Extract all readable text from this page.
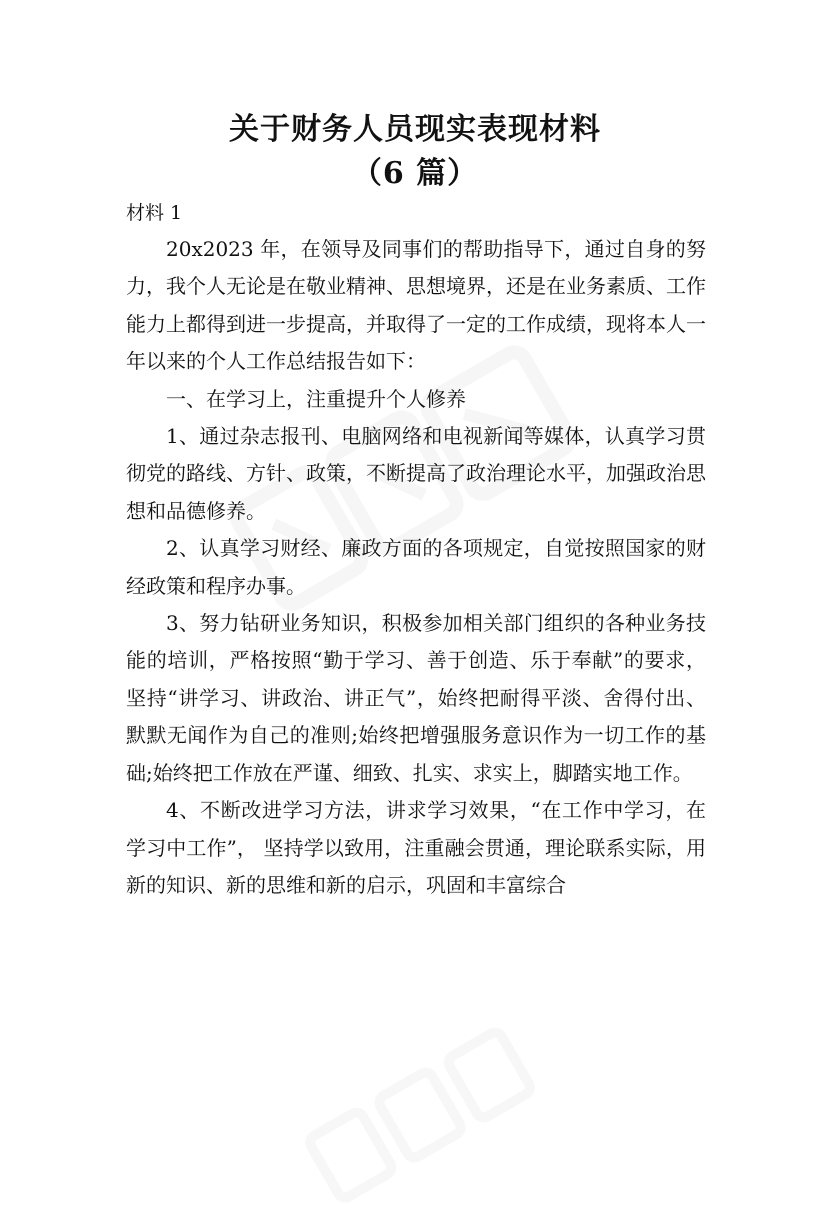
关于财务人员现实表现材料
（6 篇）

材料 1

20x2023 年，在领导及同事们的帮助指导下，通过自身的努力，我个人无论是在敬业精神、思想境界，还是在业务素质、工作能力上都得到进一步提高，并取得了一定的工作成绩，现将本人一年以来的个人工作总结报告如下：

一、在学习上，注重提升个人修养

1、通过杂志报刊、电脑网络和电视新闻等媒体，认真学习贯彻党的路线、方针、政策，不断提高了政治理论水平，加强政治思想和品德修养。

2、认真学习财经、廉政方面的各项规定，自觉按照国家的财经政策和程序办事。

3、努力钻研业务知识，积极参加相关部门组织的各种业务技能的培训，严格按照“勤于学习、善于创造、乐于奉献”的要求，坚持“讲学习、讲政治、讲正气”，始终把耐得平淡、舍得付出、默默无闻作为自己的准则;始终把增强服务意识作为一切工作的基础;始终把工作放在严谨、细致、扎实、求实上，脚踏实地工作。

4、不断改进学习方法，讲求学习效果，“在工作中学习，在学习中工作”， 坚持学以致用，注重融会贯通，理论联系实际，用新的知识、新的思维和新的启示，巩固和丰富综合
